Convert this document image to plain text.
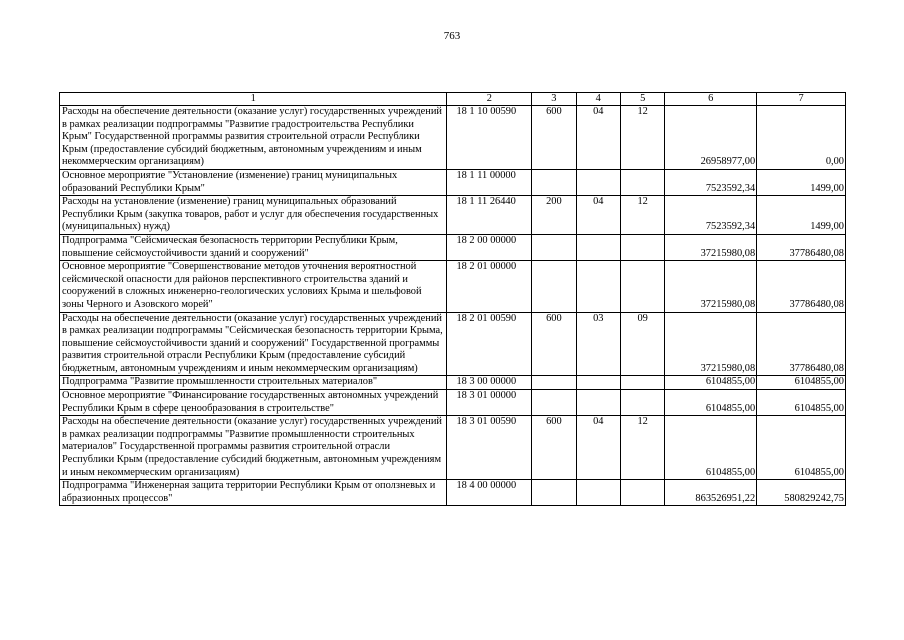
763
1	2	3	4	5	6	7
Расходы на обеспечение деятельности (оказание услуг) государственных учреждений в рамках реализации подпрограммы "Развитие градостроительства Республики Крым" Государственной программы развития строительной отрасли Республики Крым (предоставление субсидий бюджетным, автономным учреждениям и иным некоммерческим организациям)	18 1 10 00590	600	04	12	26958977,00	0,00
Основное мероприятие "Установление (изменение) границ муниципальных образований Республики Крым"	18 1 11 00000				7523592,34	1499,00
Расходы на установление (изменение) границ муниципальных образований Республики Крым (закупка товаров, работ и услуг для обеспечения государственных (муниципальных) нужд)	18 1 11 26440	200	04	12	7523592,34	1499,00
Подпрограмма "Сейсмическая безопасность территории Республики Крым, повышение сейсмоустойчивости зданий и сооружений"	18 2 00 00000				37215980,08	37786480,08
Основное мероприятие "Совершенствование методов уточнения вероятностной сейсмической опасности для районов перспективного строительства зданий и сооружений в сложных инженерно-геологических условиях Крыма и шельфовой зоны Черного и Азовского морей"	18 2 01 00000				37215980,08	37786480,08
Расходы на обеспечение деятельности (оказание услуг) государственных учреждений в рамках реализации подпрограммы "Сейсмическая безопасность территории Крыма, повышение сейсмоустойчивости зданий и сооружений" Государственной программы развития строительной отрасли Республики Крым (предоставление субсидий бюджетным, автономным учреждениям и иным некоммерческим организациям)	18 2 01 00590	600	03	09	37215980,08	37786480,08
Подпрограмма "Развитие промышленности строительных материалов"	18 3 00 00000				6104855,00	6104855,00
Основное мероприятие "Финансирование государственных автономных учреждений Республики Крым в сфере ценообразования в строительстве"	18 3 01 00000				6104855,00	6104855,00
Расходы на обеспечение деятельности (оказание услуг) государственных учреждений в рамках реализации подпрограммы "Развитие промышленности строительных материалов" Государственной программы развития строительной отрасли Республики Крым (предоставление субсидий бюджетным, автономным учреждениям и иным некоммерческим организациям)	18 3 01 00590	600	04	12	6104855,00	6104855,00
Подпрограмма "Инженерная защита территории Республики Крым от оползневых и абразионных процессов"	18 4 00 00000				863526951,22	580829242,75
